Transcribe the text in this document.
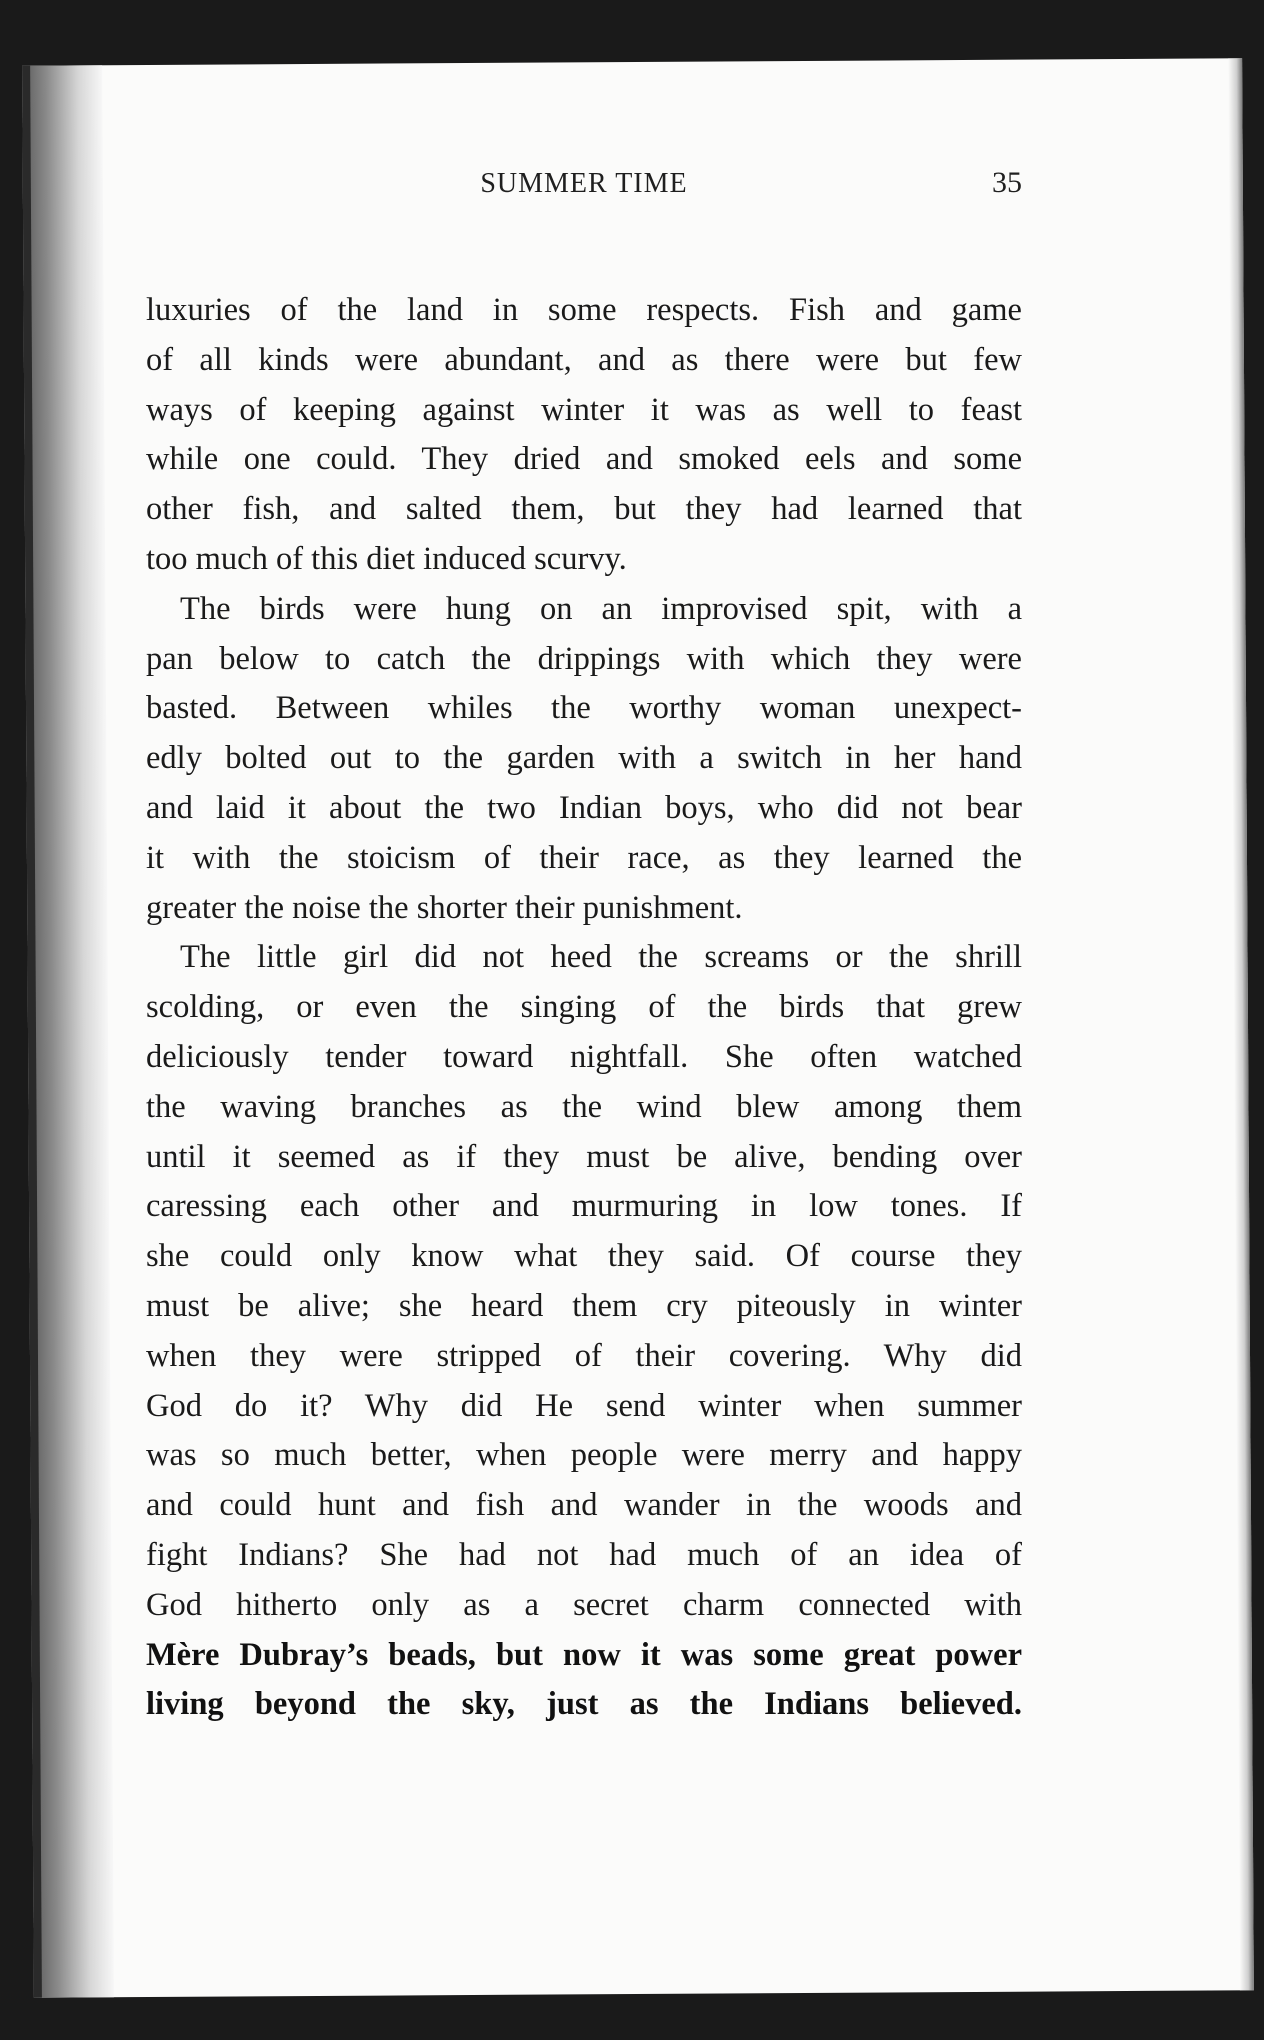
SUMMER TIME	35
luxuries of the land in some respects. Fish and game
of all kinds were abundant, and as there were but few
ways of keeping against winter it was as well to feast
while one could. They dried and smoked eels and some
other fish, and salted them, but they had learned that
too much of this diet induced scurvy.
The birds were hung on an improvised spit, with a
pan below to catch the drippings with which they were
basted. Between whiles the worthy woman unexpect-
edly bolted out to the garden with a switch in her hand
and laid it about the two Indian boys, who did not bear
it with the stoicism of their race, as they learned the
greater the noise the shorter their punishment.
The little girl did not heed the screams or the shrill
scolding, or even the singing of the birds that grew
deliciously tender toward nightfall. She often watched
the waving branches as the wind blew among them
until it seemed as if they must be alive, bending over
caressing each other and murmuring in low tones. If
she could only know what they said. Of course they
must be alive; she heard them cry piteously in winter
when they were stripped of their covering. Why did
God do it? Why did He send winter when summer
was so much better, when people were merry and happy
and could hunt and fish and wander in the woods and
fight Indians? She had not had much of an idea of
God hitherto only as a secret charm connected with
Mère Dubray’s beads, but now it was some great power
living beyond the sky, just as the Indians believed.
